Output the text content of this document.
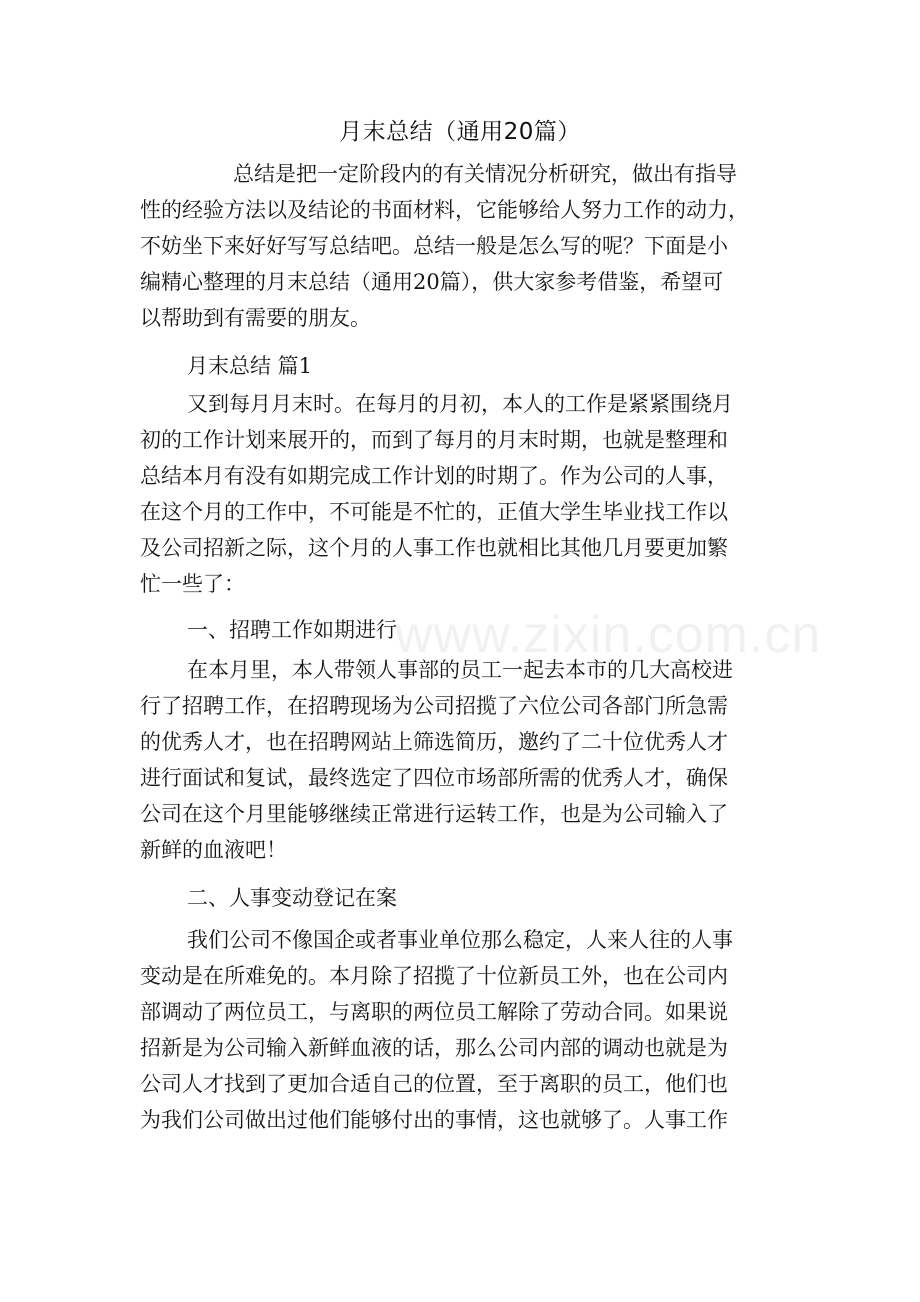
月末总结（通用20篇）
总结是把一定阶段内的有关情况分析研究，做出有指导
性的经验方法以及结论的书面材料，它能够给人努力工作的动力，
不妨坐下来好好写写总结吧。总结一般是怎么写的呢？下面是小
编精心整理的月末总结（通用20篇），供大家参考借鉴，希望可
以帮助到有需要的朋友。
月末总结 篇1
又到每月月末时。在每月的月初，本人的工作是紧紧围绕月
初的工作计划来展开的，而到了每月的月末时期，也就是整理和
总结本月有没有如期完成工作计划的时期了。作为公司的人事，
在这个月的工作中，不可能是不忙的，正值大学生毕业找工作以
及公司招新之际，这个月的人事工作也就相比其他几月要更加繁
忙一些了：
一、招聘工作如期进行
在本月里，本人带领人事部的员工一起去本市的几大高校进
行了招聘工作，在招聘现场为公司招揽了六位公司各部门所急需
的优秀人才，也在招聘网站上筛选简历，邀约了二十位优秀人才
进行面试和复试，最终选定了四位市场部所需的优秀人才，确保
公司在这个月里能够继续正常进行运转工作，也是为公司输入了
新鲜的血液吧！
二、人事变动登记在案
我们公司不像国企或者事业单位那么稳定，人来人往的人事
变动是在所难免的。本月除了招揽了十位新员工外，也在公司内
部调动了两位员工，与离职的两位员工解除了劳动合同。如果说
招新是为公司输入新鲜血液的话，那么公司内部的调动也就是为
公司人才找到了更加合适自己的位置，至于离职的员工，他们也
为我们公司做出过他们能够付出的事情，这也就够了。人事工作
www.zixin.com.cn
